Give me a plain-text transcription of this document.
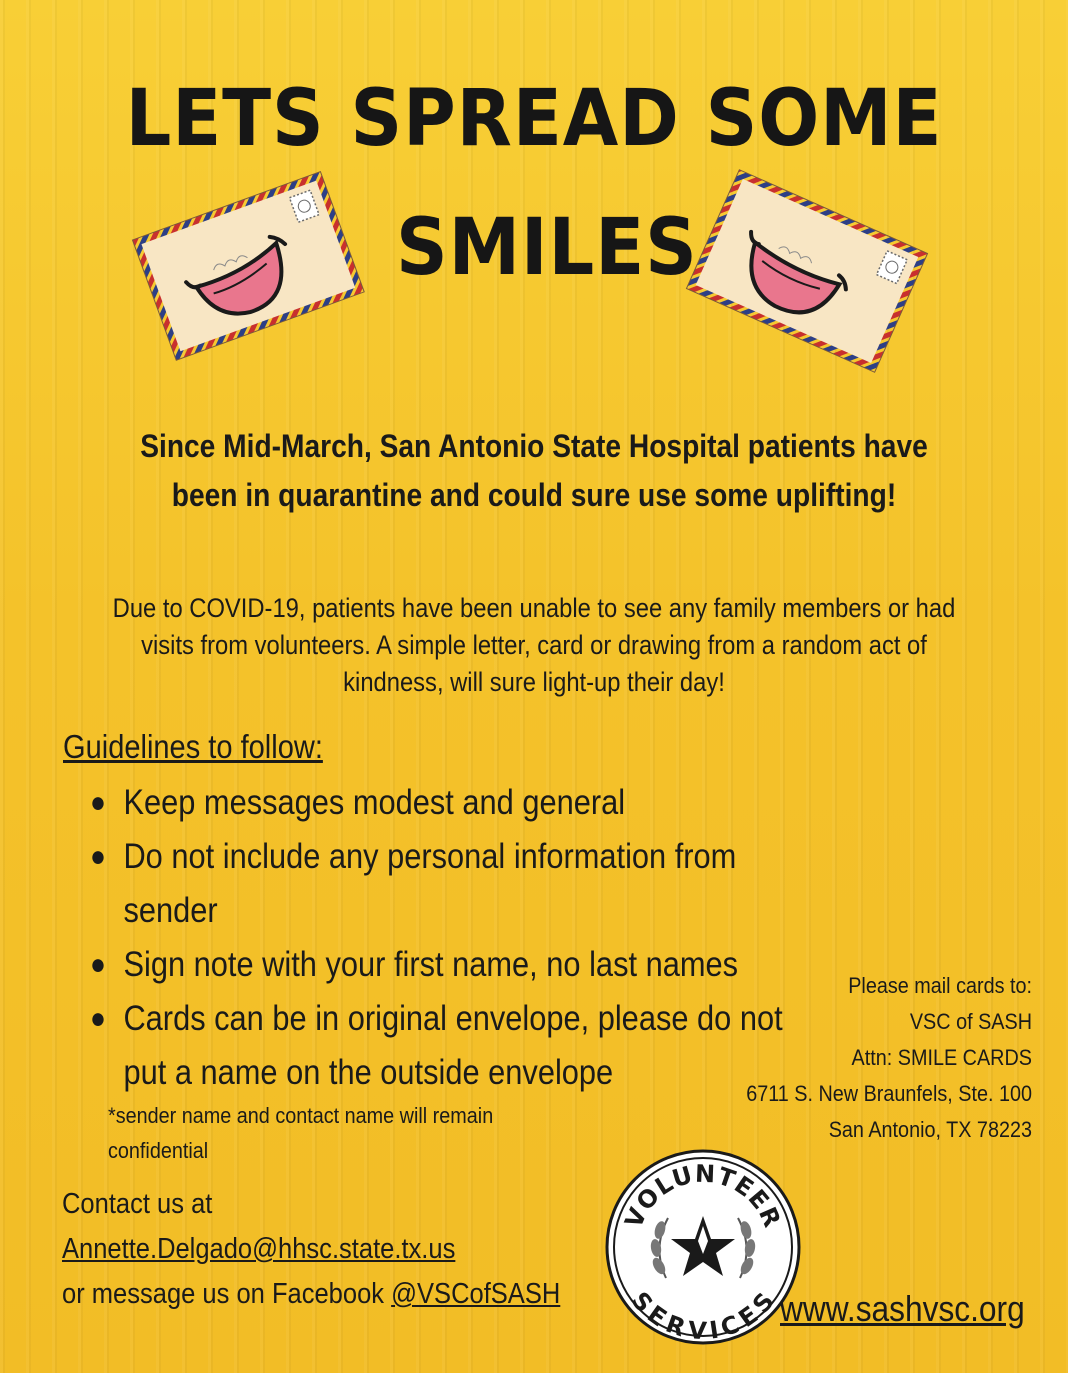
LETS SPREAD SOME
SMILES
Since Mid-March, San Antonio State Hospital patients have been in quarantine and could sure use some uplifting!
Due to COVID-19, patients have been unable to see any family members or had visits from volunteers. A simple letter, card or drawing from a random act of kindness, will sure light-up their day!
Guidelines to follow:
● Keep messages modest and general
● Do not include any personal information from sender
● Sign note with your first name, no last names
● Cards can be in original envelope, please do not put a name on the outside envelope
*sender name and contact name will remain confidential
Please mail cards to:
VSC of SASH
Attn: SMILE CARDS
6711 S. New Braunfels, Ste. 100
San Antonio, TX 78223
Contact us at
Annette.Delgado@hhsc.state.tx.us
or message us on Facebook @VSCofSASH
VOLUNTEER
SERVICES www.sashvsc.org
